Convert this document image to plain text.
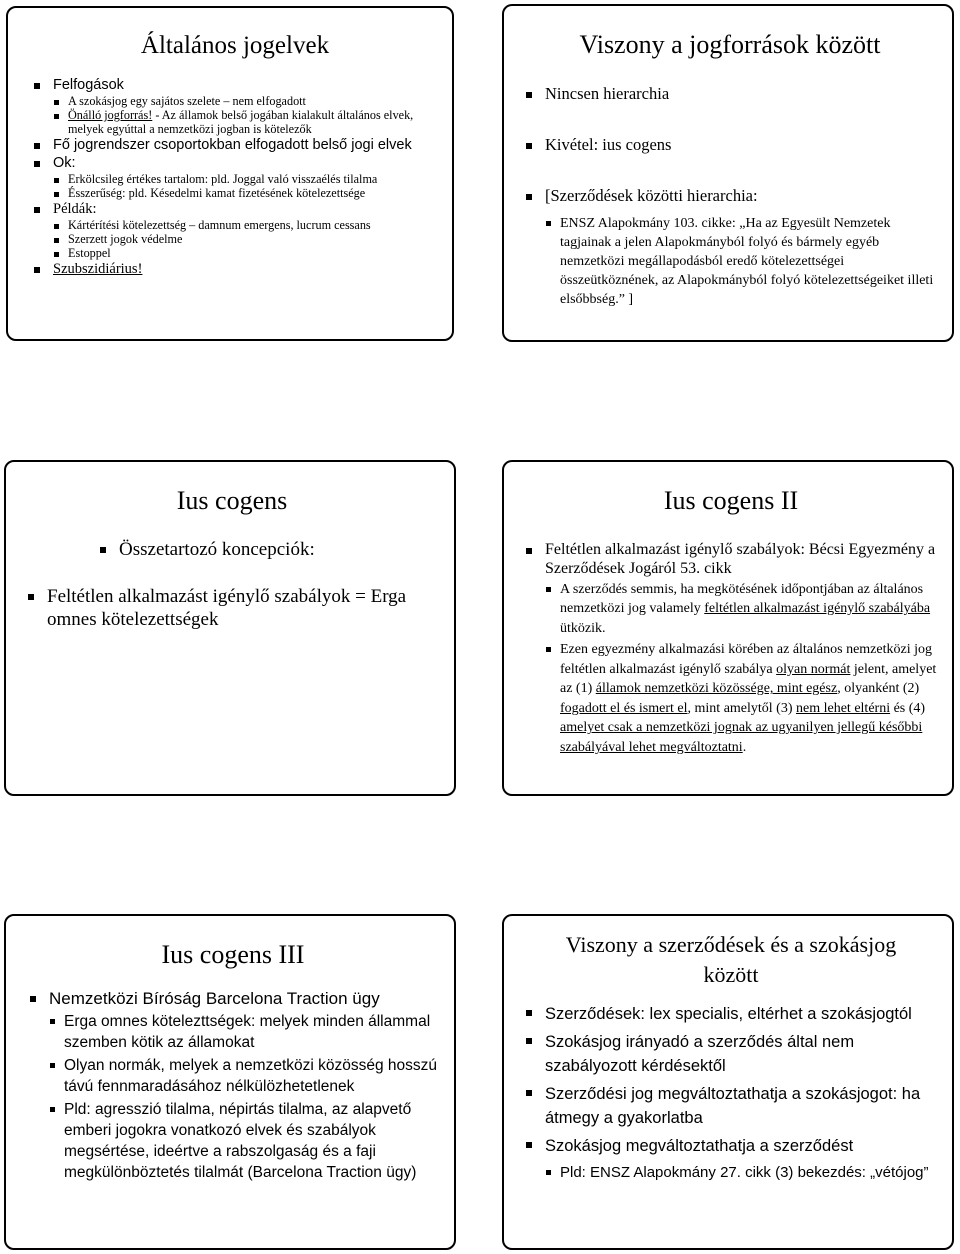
Általános jogelvek
Felfogások
A szokásjog egy sajátos szelete – nem elfogadott
Önálló jogforrás! - Az államok belső jogában kialakult általános elvek, melyek egyúttal a nemzetközi jogban is kötelezők
Fő jogrendszer csoportokban elfogadott belső jogi elvek
Ok:
Erkölcsileg értékes tartalom: pld. Joggal való visszaélés tilalma
Ésszerűség: pld. Késedelmi kamat fizetésének kötelezettsége
Példák:
Kártérítési kötelezettség – damnum emergens, lucrum cessans
Szerzett jogok védelme
Estoppel
Szubszidiárius!
Viszony a jogforrások között
Nincsen hierarchia
Kivétel: ius cogens
[Szerződések közötti hierarchia:
ENSZ Alapokmány 103. cikke: „Ha az Egyesült Nemzetek tagjainak a jelen Alapokmányból folyó és bármely egyéb nemzetközi megállapodásból eredő kötelezettségei összeütköznének, az Alapokmányból folyó kötelezettségeiket illeti elsőbbség.” ]
Ius cogens
Összetartozó koncepciók:
Feltétlen alkalmazást igénylő szabályok = Erga omnes kötelezettségek
Ius cogens II
Feltétlen alkalmazást igénylő szabályok: Bécsi Egyezmény a Szerződések Jogáról 53. cikk
A szerződés semmis, ha megkötésének időpontjában az általános nemzetközi jog valamely feltétlen alkalmazást igénylő szabályába ütközik.
Ezen egyezmény alkalmazási körében az általános nemzetközi jog feltétlen alkalmazást igénylő szabálya olyan normát jelent, amelyet az (1) államok nemzetközi közössége, mint egész, olyanként (2) fogadott el és ismert el, mint amelytől (3) nem lehet eltérni és (4) amelyet csak a nemzetközi jognak az ugyanilyen jellegű későbbi szabályával lehet megváltoztatni.
Ius cogens III
Nemzetközi Bíróság Barcelona Traction ügy
Erga omnes kötelezttségek: melyek minden állammal szemben kötik az államokat
Olyan normák, melyek a nemzetközi közösség hosszú távú fennmaradásához nélkülözhetetlenek
Pld: agresszió tilalma, népirtás tilalma, az alapvető emberi jogokra vonatkozó elvek és szabályok megsértése, ideértve a rabszolgaság és a faji megkülönböztetés tilalmát (Barcelona Traction ügy)
Viszony a szerződések és a szokásjog
között
Szerződések: lex specialis, eltérhet a szokásjogtól
Szokásjog irányadó a szerződés által nem szabályozott kérdésektől
Szerződési jog megváltoztathatja a szokásjogot: ha átmegy a gyakorlatba
Szokásjog megváltoztathatja a szerződést
Pld: ENSZ Alapokmány 27. cikk (3) bekezdés: „vétójog”
